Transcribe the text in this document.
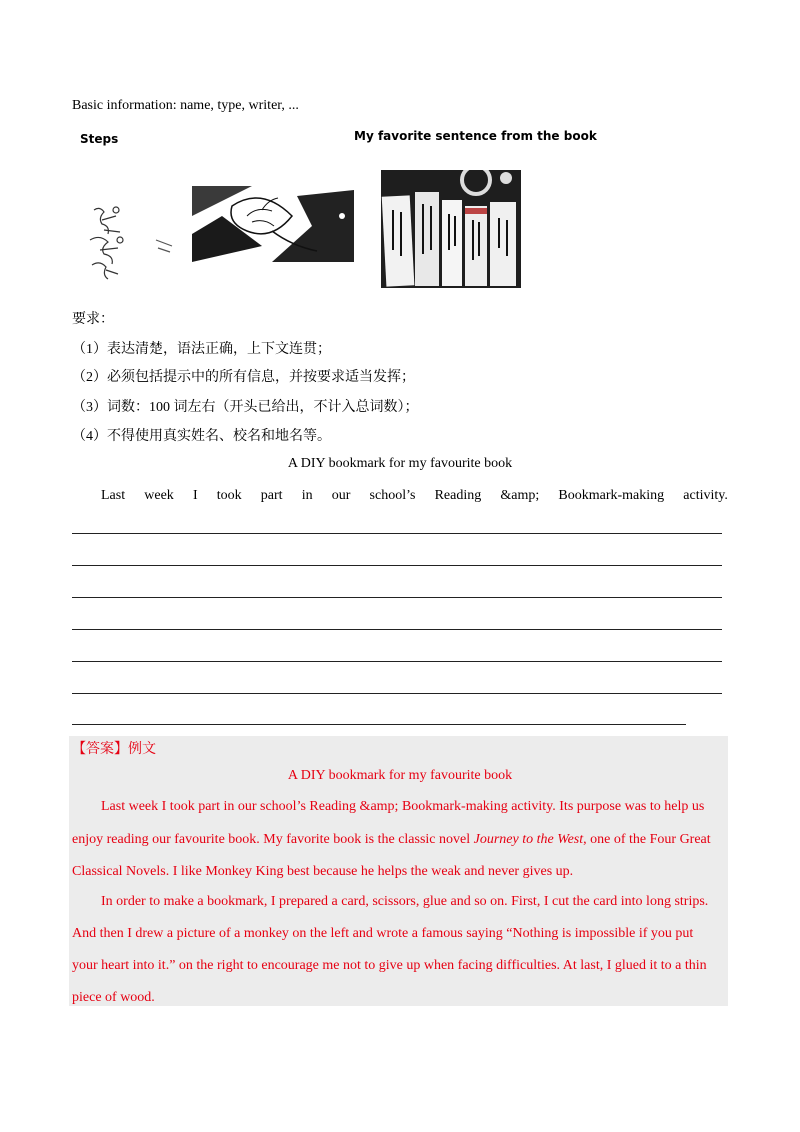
Basic information: name, type, writer, ...
Steps	My favorite sentence from the book
要求：
（1）表达清楚，语法正确，上下文连贯；
（2）必须包括提示中的所有信息，并按要求适当发挥；
（3）词数：100 词左右（开头已给出，不计入总词数）；
（4）不得使用真实姓名、校名和地名等。
A DIY bookmark for my favourite book
Last week I took part in our school’s Reading &amp; Bookmark-making activity.
【答案】例文
A DIY bookmark for my favourite book
Last week I took part in our school’s Reading &amp; Bookmark-making activity. Its purpose was to help us
enjoy reading our favourite book. My favorite book is the classic novel Journey to the West, one of the Four Great
Classical Novels. I like Monkey King best because he helps the weak and never gives up.
In order to make a bookmark, I prepared a card, scissors, glue and so on. First, I cut the card into long strips.
And then I drew a picture of a monkey on the left and wrote a famous saying “Nothing is impossible if you put
your heart into it.” on the right to encourage me not to give up when facing difficulties. At last, I glued it to a thin
piece of wood.
